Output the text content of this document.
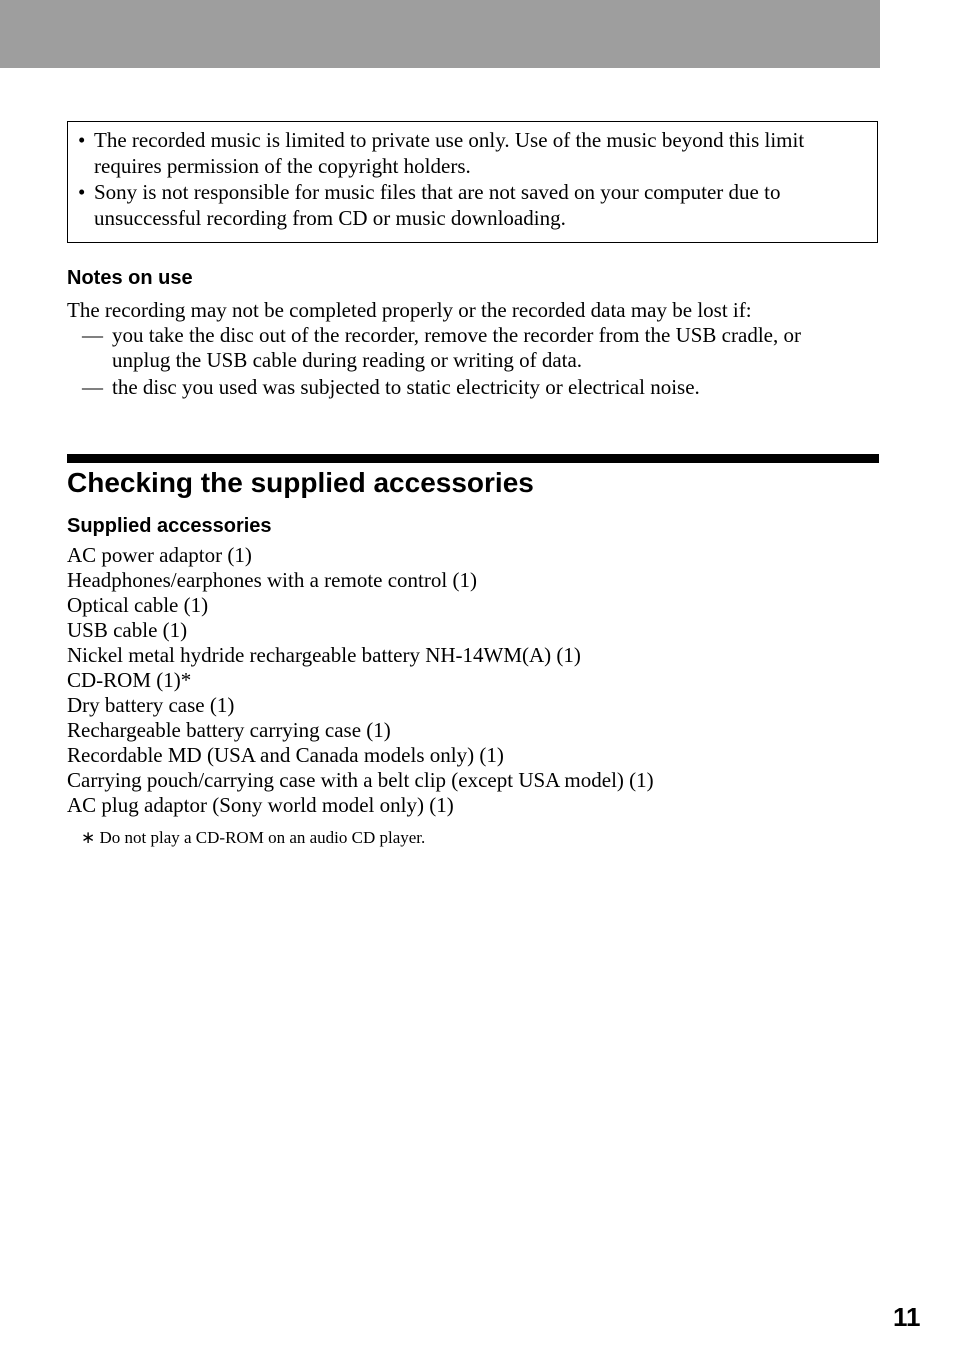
• The recorded music is limited to private use only. Use of the music beyond this limit requires permission of the copyright holders.
• Sony is not responsible for music files that are not saved on your computer due to unsuccessful recording from CD or music downloading.
Notes on use

The recording may not be completed properly or the recorded data may be lost if:

— you take the disc out of the recorder, remove the recorder from the USB cradle, or unplug the USB cable during reading or writing of data.
— the disc you used was subjected to static electricity or electrical noise.
Checking the supplied accessories
Supplied accessories
AC power adaptor (1)
Headphones/earphones with a remote control (1)
Optical cable (1)
USB cable (1)
Nickel metal hydride rechargeable battery NH-14WM(A) (1)
CD-ROM (1)*
Dry battery case (1)
Rechargeable battery carrying case (1)
Recordable MD (USA and Canada models only) (1)
Carrying pouch/carrying case with a belt clip (except USA model) (1)
AC plug adaptor (Sony world model only) (1)
∗ Do not play a CD-ROM on an audio CD player.
11
